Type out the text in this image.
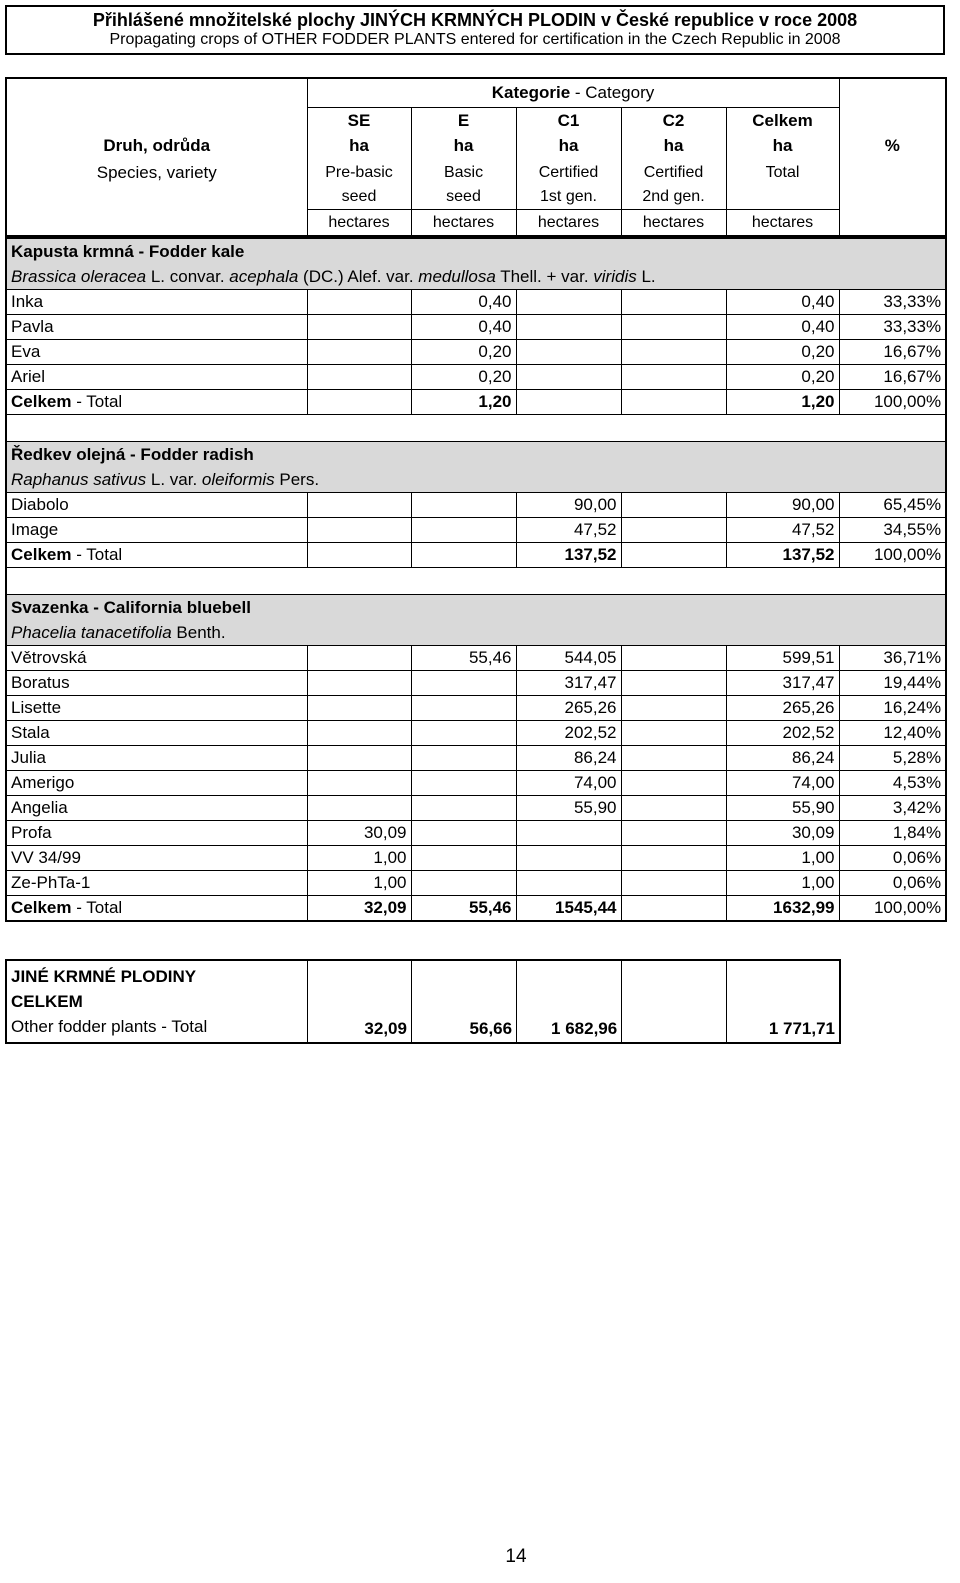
Přihlášené množitelské plochy JINÝCH KRMNÝCH PLODIN v České republice v roce 2008
Propagating crops of OTHER FODDER PLANTS entered for certification in the Czech Republic in 2008
	Kategorie - Category					
	SE	E	C1	C2	Celkem	
Druh, odrůda	ha	ha	ha	ha	ha	%
Species, variety	Pre-basic	Basic	Certified	Certified	Total	
	seed	seed	1st gen.	2nd gen.		
	hectares	hectares	hectares	hectares	hectares	
Kapusta krmná - Fodder kale						
Brassica oleracea L. convar. acephala (DC.) Alef. var. medullosa Thell. + var. viridis L.						
Inka		0,40			0,40	33,33%
Pavla		0,40			0,40	33,33%
Eva		0,20			0,20	16,67%
Ariel		0,20			0,20	16,67%
Celkem - Total		1,20			1,20	100,00%

Ředkev olejná - Fodder radish						
Raphanus sativus L. var. oleiformis Pers.						
Diabolo			90,00		90,00	65,45%
Image			47,52		47,52	34,55%
Celkem - Total			137,52		137,52	100,00%

Svazenka - California bluebell						
Phacelia tanacetifolia Benth.						
Větrovská		55,46	544,05		599,51	36,71%
Boratus			317,47		317,47	19,44%
Lisette			265,26		265,26	16,24%
Stala			202,52		202,52	12,40%
Julia			86,24		86,24	5,28%
Amerigo			74,00		74,00	4,53%
Angelia			55,90		55,90	3,42%
Profa	30,09				30,09	1,84%
VV 34/99	1,00				1,00	0,06%
Ze-PhTa-1	1,00				1,00	0,06%
Celkem - Total	32,09	55,46	1545,44		1632,99	100,00%
JINÉ KRMNÉ PLODINY
CELKEM
Other fodder plants - Total	32,09	56,66	1 682,96		1 771,71
14
